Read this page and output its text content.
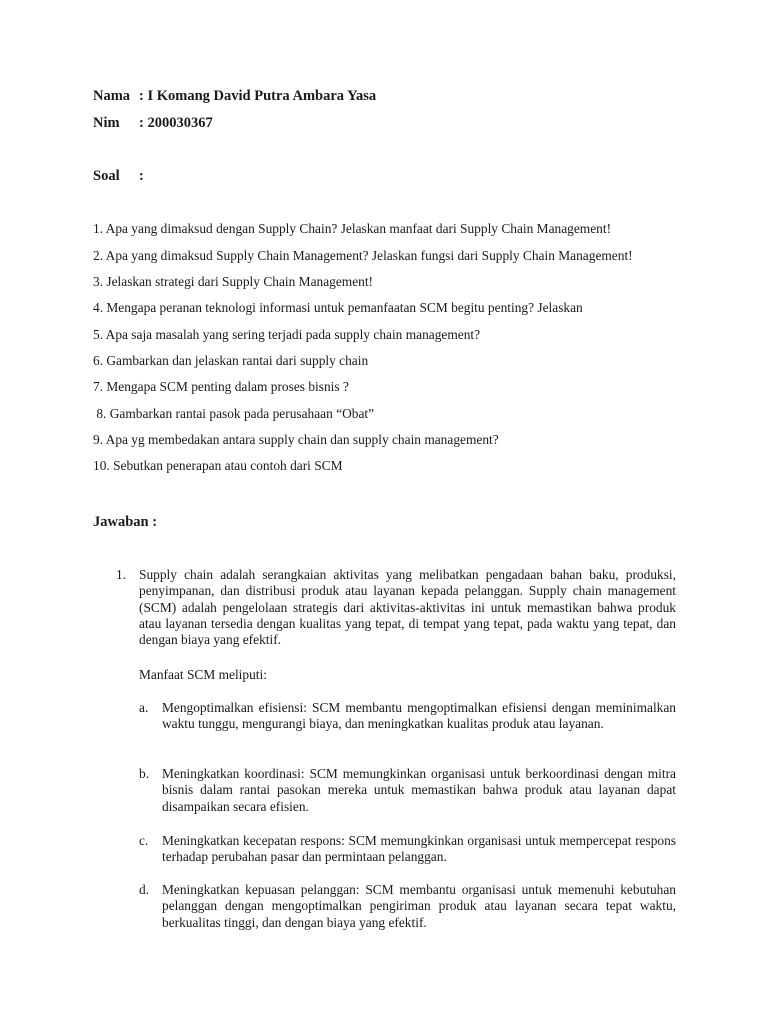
Nama : I Komang David Putra Ambara Yasa
Nim : 200030367
Soal :
1. Apa yang dimaksud dengan Supply Chain? Jelaskan manfaat dari Supply Chain Management!
2. Apa yang dimaksud Supply Chain Management? Jelaskan fungsi dari Supply Chain Management!
3. Jelaskan strategi dari Supply Chain Management!
4. Mengapa peranan teknologi informasi untuk pemanfaatan SCM begitu penting? Jelaskan
5. Apa saja masalah yang sering terjadi pada supply chain management?
6. Gambarkan dan jelaskan rantai dari supply chain
7. Mengapa SCM penting dalam proses bisnis ?
8. Gambarkan rantai pasok pada perusahaan “Obat”
9. Apa yg membedakan antara supply chain dan supply chain management?
10. Sebutkan penerapan atau contoh dari SCM
Jawaban :
1. Supply chain adalah serangkaian aktivitas yang melibatkan pengadaan bahan baku, produksi, penyimpanan, dan distribusi produk atau layanan kepada pelanggan. Supply chain management (SCM) adalah pengelolaan strategis dari aktivitas-aktivitas ini untuk memastikan bahwa produk atau layanan tersedia dengan kualitas yang tepat, di tempat yang tepat, pada waktu yang tepat, dan dengan biaya yang efektif.
Manfaat SCM meliputi:
a. Mengoptimalkan efisiensi: SCM membantu mengoptimalkan efisiensi dengan meminimalkan waktu tunggu, mengurangi biaya, dan meningkatkan kualitas produk atau layanan.
b. Meningkatkan koordinasi: SCM memungkinkan organisasi untuk berkoordinasi dengan mitra bisnis dalam rantai pasokan mereka untuk memastikan bahwa produk atau layanan dapat disampaikan secara efisien.
c. Meningkatkan kecepatan respons: SCM memungkinkan organisasi untuk mempercepat respons terhadap perubahan pasar dan permintaan pelanggan.
d. Meningkatkan kepuasan pelanggan: SCM membantu organisasi untuk memenuhi kebutuhan pelanggan dengan mengoptimalkan pengiriman produk atau layanan secara tepat waktu, berkualitas tinggi, dan dengan biaya yang efektif.
